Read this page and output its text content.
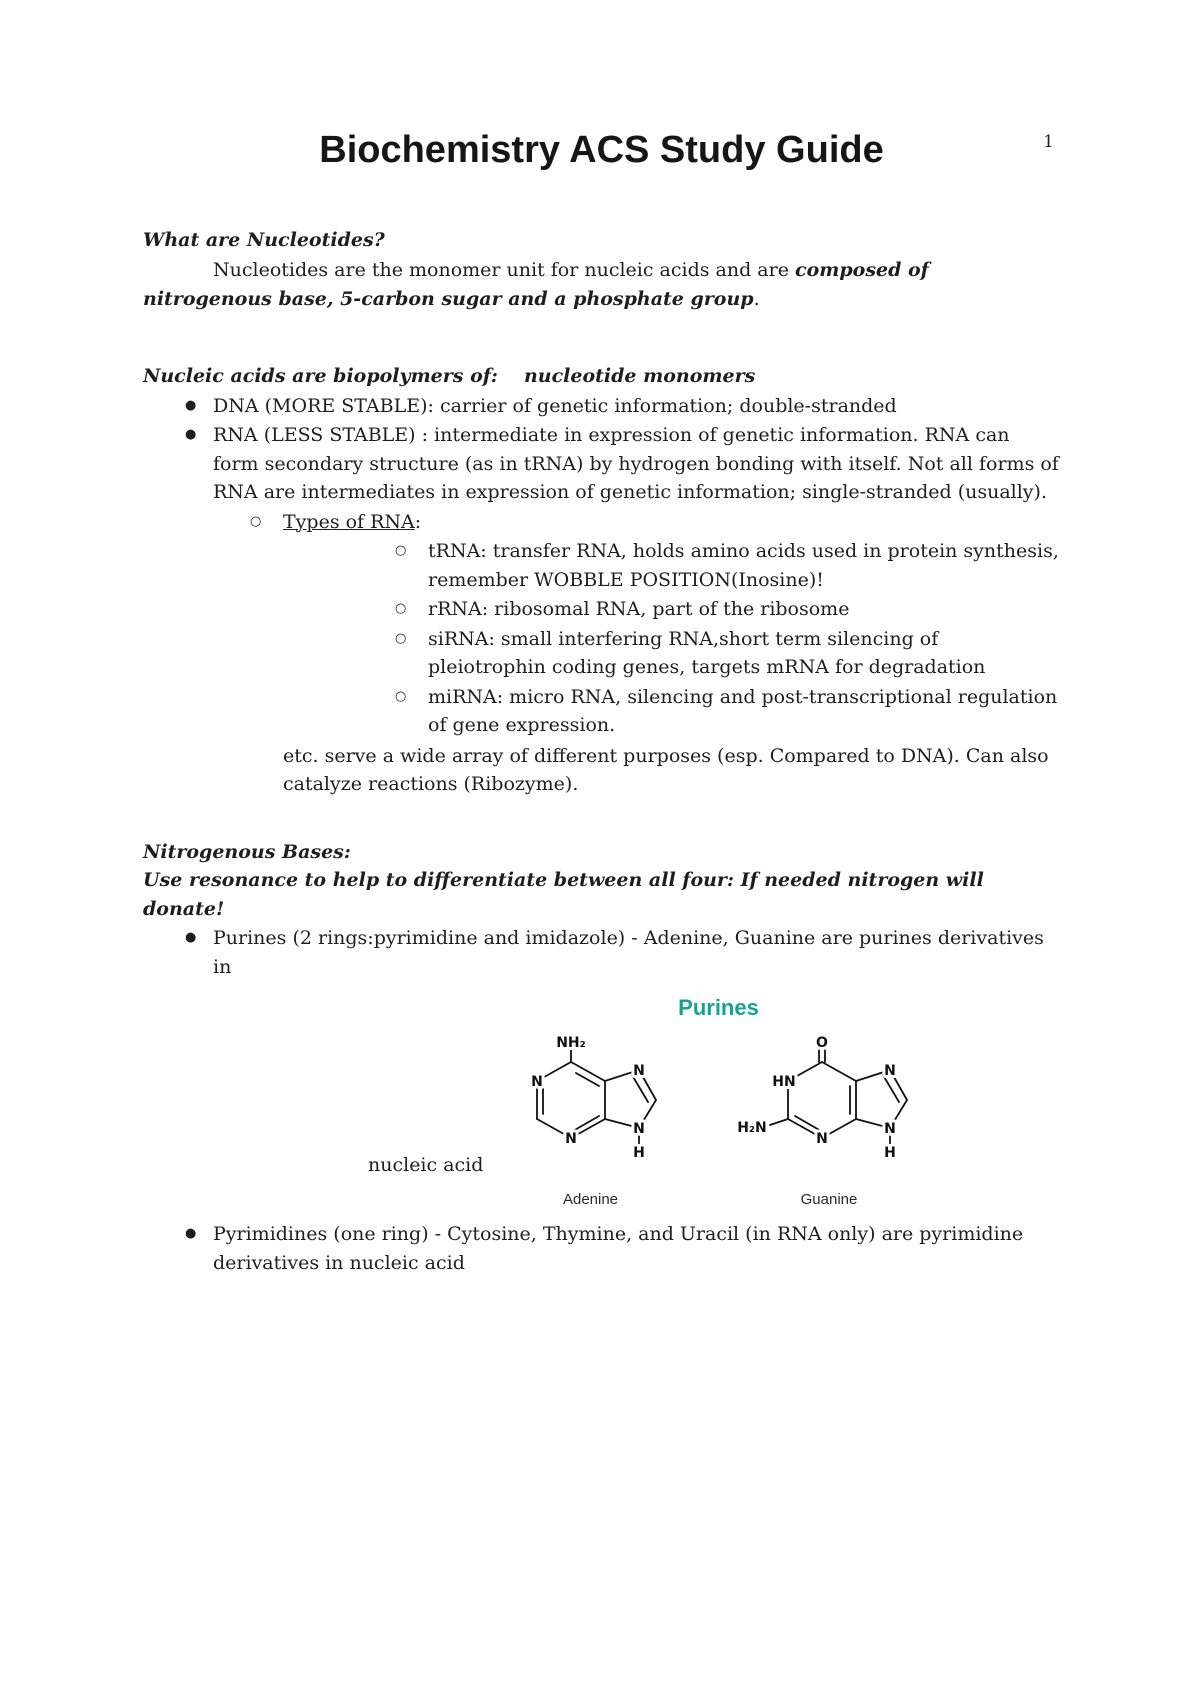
1
Biochemistry ACS Study Guide
What are Nucleotides?

Nucleotides are the monomer unit for nucleic acids and are composed of nitrogenous base, 5-carbon sugar and a phosphate group.

Nucleic acids are biopolymers of: nucleotide monomers
●
DNA (MORE STABLE): carrier of genetic information; double-stranded
●
RNA (LESS STABLE) : intermediate in expression of genetic information. RNA can form secondary structure (as in tRNA) by hydrogen bonding with itself. Not all forms of RNA are intermediates in expression of genetic information; single-stranded (usually).
○
Types of RNA:
○
tRNA: transfer RNA, holds amino acids used in protein synthesis, remember WOBBLE POSITION(Inosine)!
○
rRNA: ribosomal RNA, part of the ribosome
○
siRNA: small interfering RNA,short term silencing of pleiotrophin coding genes, targets mRNA for degradation
○
miRNA: micro RNA, silencing and post-transcriptional regulation of gene expression.

etc. serve a wide array of different purposes (esp. Compared to DNA). Can also catalyze reactions (Ribozyme).

Nitrogenous Bases:
Use resonance to help to differentiate between all four: If needed nitrogen will donate!
●
Purines (2 rings:pyrimidine and imidazole) - Adenine, Guanine are purines derivatives in
nucleic acid
Purines
NH₂
N
N
N
N
H
Adenine
O
HN
H₂N
N
N
N
H
Guanine
●
Pyrimidines (one ring) - Cytosine, Thymine, and Uracil (in RNA only) are pyrimidine derivatives in nucleic acid
